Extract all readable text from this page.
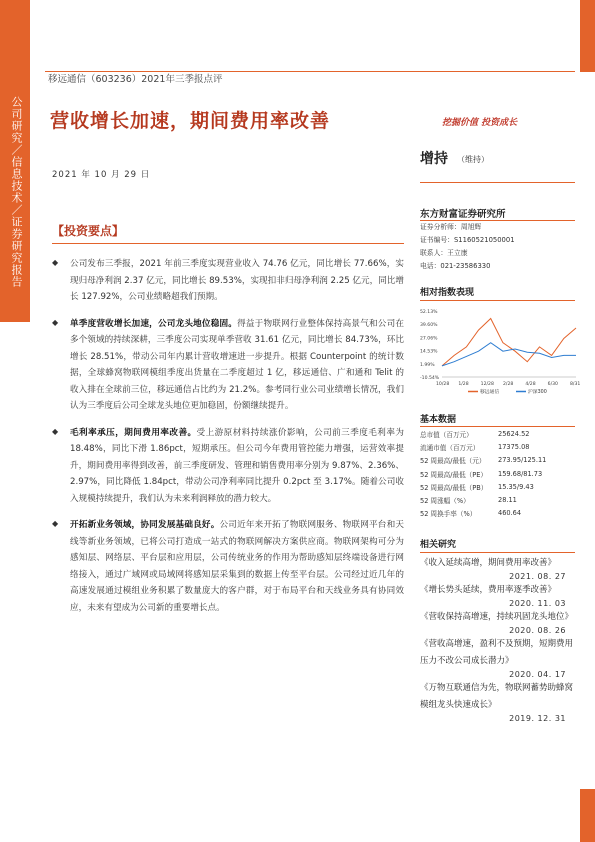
公司研究／信息技术／证券研究报告
移远通信（603236）2021年三季报点评
营收增长加速，期间费用率改善	挖掘价值 投资成长
2021 年 10 月 29 日
增持 （维持）
【投资要点】
◆	公司发布三季报，2021 年前三季度实现营业收入 74.76 亿元，同比增长 77.66%，实现归母净利润 2.37 亿元，同比增长 89.53%，实现扣非归母净利润 2.25 亿元，同比增长 127.92%，公司业绩略超我们预期。
◆	单季度营收增长加速，公司龙头地位稳固。得益于物联网行业整体保持高景气和公司在多个领域的持续深耕，三季度公司实现单季营收 31.61 亿元，同比增长 84.73%，环比增长 28.51%，带动公司年内累计营收增速进一步提升。根据 Counterpoint 的统计数据，全球蜂窝物联网模组季度出货量在二季度超过 1 亿，移远通信、广和通和 Telit 的收入排在全球前三位，移远通信占比约为 21.2%。参考同行业公司业绩增长情况，我们认为三季度后公司全球龙头地位更加稳固，份额继续提升。
◆	毛利率承压，期间费用率改善。受上游原材料持续涨价影响，公司前三季度毛利率为 18.48%，同比下滑 1.86pct，短期承压。但公司今年费用管控能力增强，运营效率提升，期间费用率得到改善，前三季度研发、管理和销售费用率分别为 9.87%、2.36%、2.97%，同比降低 1.84pct，带动公司净利率同比提升 0.2pct 至 3.17%。随着公司收入规模持续提升，我们认为未来利润释放的潜力较大。
◆	开拓新业务领域，协同发展基础良好。公司近年来开拓了物联网服务、物联网平台和天线等新业务领域，已将公司打造成一站式的物联网解决方案供应商。物联网架构可分为感知层、网络层、平台层和应用层，公司传统业务的作用为帮助感知层终端设备进行网络接入，通过广域网或局域网将感知层采集到的数据上传至平台层。公司经过近几年的高速发展通过模组业务积累了数量庞大的客户群，对于布局平台和天线业务具有协同效应，未来有望成为公司新的重要增长点。
东方财富证券研究所
证券分析师：周旭辉
证书编号：S1160521050001
联系人：王立康
电话：021-23586330
相对指数表现
52.13%
39.60%
27.06%
14.53%
1.99%
-10.54%
10/28 1/28	12/28 2/28	4/28	6/30	8/31
移远通信	沪深300
基本数据
总市值（百万元）	25624.52
流通市值（百万元）	17375.08
52 周最高/最低（元）	273.95/125.11
52 周最高/最低（PE）	159.68/81.73
52 周最高/最低（PB）	15.35/9.43
52 周涨幅（%）	28.11
52 周换手率（%）	460.64
相关研究
《收入延续高增，期间费用率改善》
2021. 08. 27
《增长势头延续，费用率逐季改善》
2020. 11. 03
《营收保持高增速，持续巩固龙头地位》
2020. 08. 26
《营收高增速，盈利不及预期，短期费用压力不改公司成长潜力》
2020. 04. 17
《万物互联通信为先，物联网蓄势助蜂窝模组龙头快速成长》
2019. 12. 31
